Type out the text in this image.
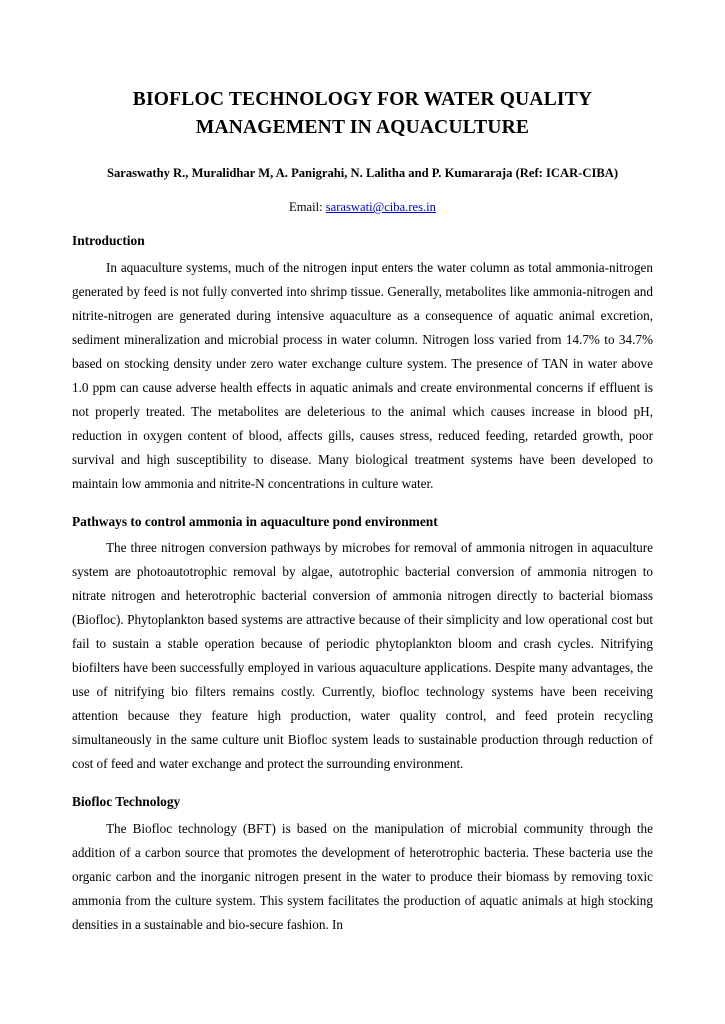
BIOFLOC TECHNOLOGY FOR WATER QUALITY
MANAGEMENT IN AQUACULTURE
Saraswathy R., Muralidhar M, A. Panigrahi, N. Lalitha and P. Kumararaja (Ref: ICAR-CIBA)
Email: saraswati@ciba.res.in
Introduction

In aquaculture systems, much of the nitrogen input enters the water column as total ammonia-nitrogen generated by feed is not fully converted into shrimp tissue. Generally, metabolites like ammonia-nitrogen and nitrite-nitrogen are generated during intensive aquaculture as a consequence of aquatic animal excretion, sediment mineralization and microbial process in water column. Nitrogen loss varied from 14.7% to 34.7% based on stocking density under zero water exchange culture system. The presence of TAN in water above 1.0 ppm can cause adverse health effects in aquatic animals and create environmental concerns if effluent is not properly treated. The metabolites are deleterious to the animal which causes increase in blood pH, reduction in oxygen content of blood, affects gills, causes stress, reduced feeding, retarded growth, poor survival and high susceptibility to disease. Many biological treatment systems have been developed to maintain low ammonia and nitrite-N concentrations in culture water.

Pathways to control ammonia in aquaculture pond environment

The three nitrogen conversion pathways by microbes for removal of ammonia nitrogen in aquaculture system are photoautotrophic removal by algae, autotrophic bacterial conversion of ammonia nitrogen to nitrate nitrogen and heterotrophic bacterial conversion of ammonia nitrogen directly to bacterial biomass (Biofloc). Phytoplankton based systems are attractive because of their simplicity and low operational cost but fail to sustain a stable operation because of periodic phytoplankton bloom and crash cycles. Nitrifying biofilters have been successfully employed in various aquaculture applications. Despite many advantages, the use of nitrifying bio filters remains costly. Currently, biofloc technology systems have been receiving attention because they feature high production, water quality control, and feed protein recycling simultaneously in the same culture unit Biofloc system leads to sustainable production through reduction of cost of feed and water exchange and protect the surrounding environment.

Biofloc Technology

The Biofloc technology (BFT) is based on the manipulation of microbial community through the addition of a carbon source that promotes the development of heterotrophic bacteria. These bacteria use the organic carbon and the inorganic nitrogen present in the water to produce their biomass by removing toxic ammonia from the culture system. This system facilitates the production of aquatic animals at high stocking densities in a sustainable and bio-secure fashion. In
